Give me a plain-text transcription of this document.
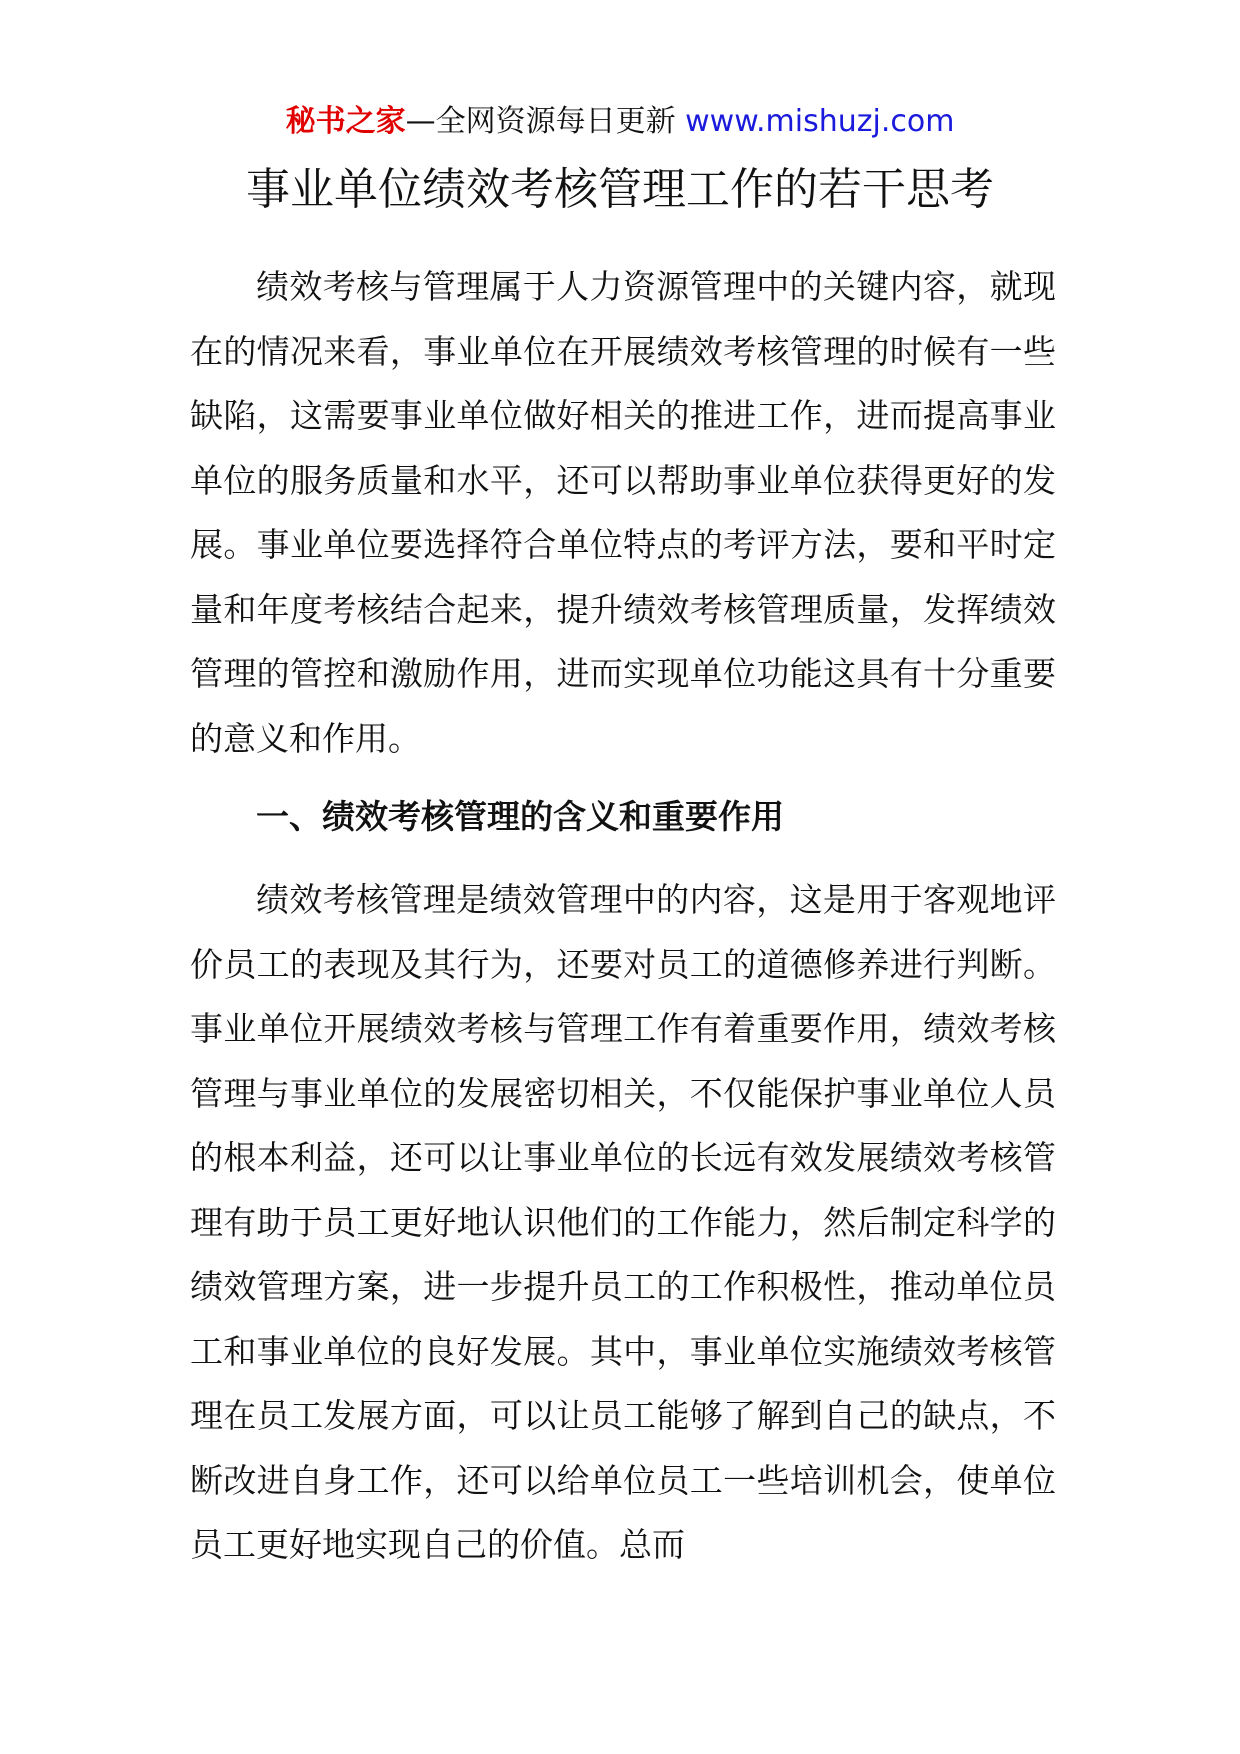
秘书之家—全网资源每日更新 www.mishuzj.com
事业单位绩效考核管理工作的若干思考

绩效考核与管理属于人力资源管理中的关键内容，就现在的情况来看，事业单位在开展绩效考核管理的时候有一些缺陷，这需要事业单位做好相关的推进工作，进而提高事业单位的服务质量和水平，还可以帮助事业单位获得更好的发展。事业单位要选择符合单位特点的考评方法，要和平时定量和年度考核结合起来，提升绩效考核管理质量，发挥绩效管理的管控和激励作用，进而实现单位功能这具有十分重要的意义和作用。

一、绩效考核管理的含义和重要作用

绩效考核管理是绩效管理中的内容，这是用于客观地评价员工的表现及其行为，还要对员工的道德修养进行判断。事业单位开展绩效考核与管理工作有着重要作用，绩效考核管理与事业单位的发展密切相关，不仅能保护事业单位人员的根本利益，还可以让事业单位的长远有效发展绩效考核管理有助于员工更好地认识他们的工作能力，然后制定科学的绩效管理方案，进一步提升员工的工作积极性，推动单位员工和事业单位的良好发展。其中，事业单位实施绩效考核管理在员工发展方面，可以让员工能够了解到自己的缺点，不断改进自身工作，还可以给单位员工一些培训机会，使单位员工更好地实现自己的价值。总而
